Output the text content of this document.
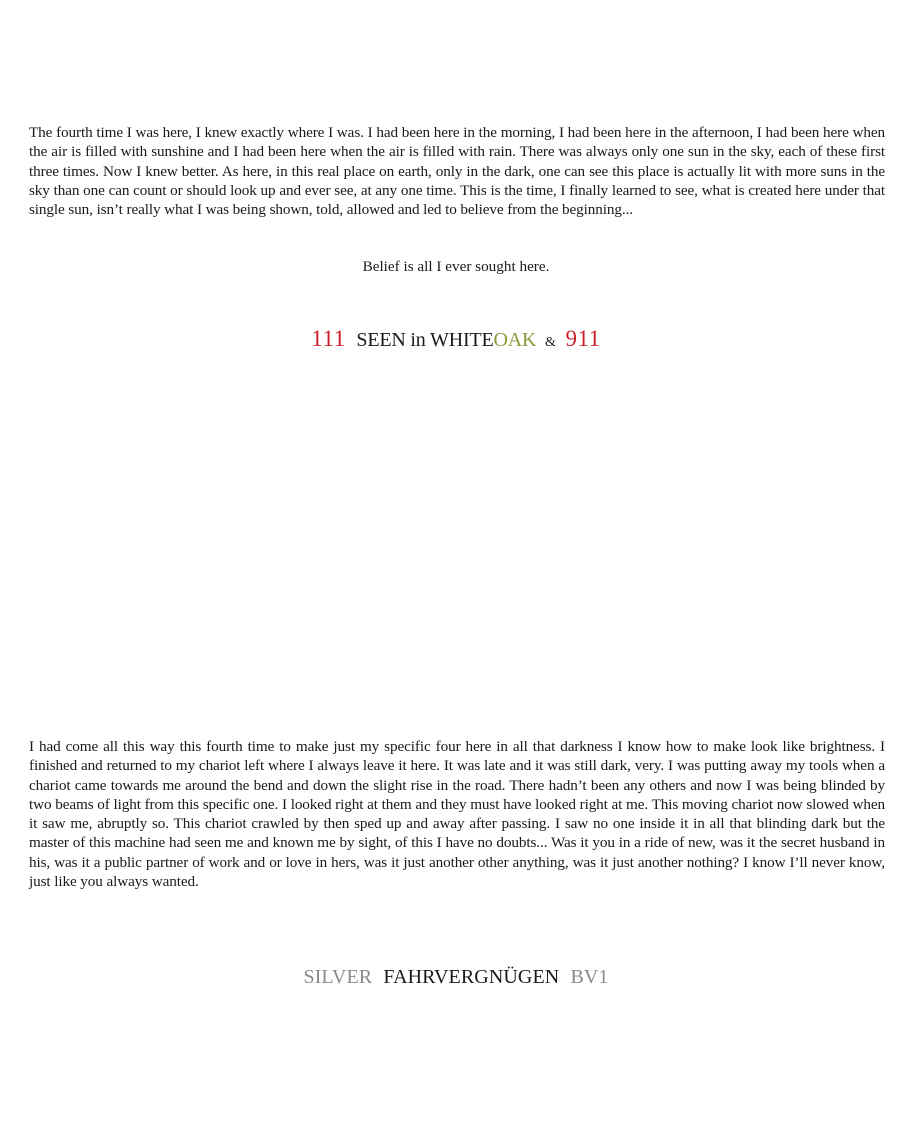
The fourth time I was here, I knew exactly where I was. I had been here in the morning, I had been here in the afternoon, I had been here when the air is filled with sunshine and I had been here when the air is filled with rain. There was always only one sun in the sky, each of these first three times. Now I knew better. As here, in this real place on earth, only in the dark, one can see this place is actually lit with more suns in the sky than one can count or should look up and ever see, at any one time. This is the time, I finally learned to see, what is created here under that single sun, isn’t really what I was being shown, told, allowed and led to believe from the beginning...

Belief is all I ever sought here.
111 SEEN in WHITEOAK & 911

I had come all this way this fourth time to make just my specific four here in all that darkness I know how to make look like brightness. I finished and returned to my chariot left where I always leave it here. It was late and it was still dark, very. I was putting away my tools when a chariot came towards me around the bend and down the slight rise in the road. There hadn’t been any others and now I was being blinded by two beams of light from this specific one. I looked right at them and they must have looked right at me. This moving chariot now slowed when it saw me, abruptly so. This chariot crawled by then sped up and away after passing. I saw no one inside it in all that blinding dark but the master of this machine had seen me and known me by sight, of this I have no doubts... Was it you in a ride of new, was it the secret husband in his, was it a public partner of work and or love in hers, was it just another other anything, was it just another nothing? I know I’ll never know, just like you always wanted.

SILVER FAHRVERGNÜGEN BV1
